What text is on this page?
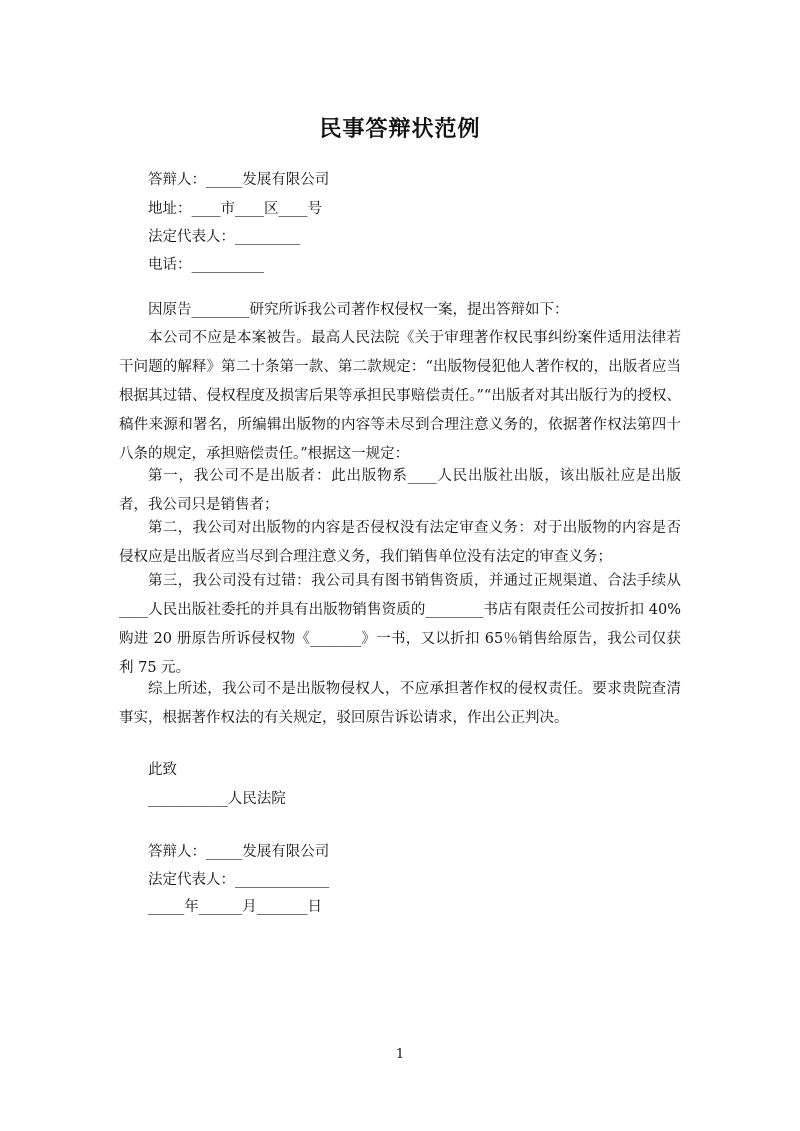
民事答辩状范例
答辩人：_____发展有限公司
地址：____市____区____号
法定代表人：_________
电话：__________
因原告________研究所诉我公司著作权侵权一案，提出答辩如下：
本公司不应是本案被告。最高人民法院《关于审理著作权民事纠纷案件适用法律若干问题的解释》第二十条第一款、第二款规定：“出版物侵犯他人著作权的，出版者应当根据其过错、侵权程度及损害后果等承担民事赔偿责任。”“出版者对其出版行为的授权、稿件来源和署名，所编辑出版物的内容等未尽到合理注意义务的，依据著作权法第四十八条的规定，承担赔偿责任。”根据这一规定：
第一，我公司不是出版者：此出版物系____人民出版社出版，该出版社应是出版者，我公司只是销售者；
第二，我公司对出版物的内容是否侵权没有法定审查义务：对于出版物的内容是否侵权应是出版者应当尽到合理注意义务，我们销售单位没有法定的审查义务；
第三，我公司没有过错：我公司具有图书销售资质，并通过正规渠道、合法手续从____人民出版社委托的并具有出版物销售资质的________书店有限责任公司按折扣 40%购进 20 册原告所诉侵权物《_______》一书，又以折扣 65％销售给原告，我公司仅获利 75 元。
综上所述，我公司不是出版物侵权人，不应承担著作权的侵权责任。要求贵院查清事实，根据著作权法的有关规定，驳回原告诉讼请求，作出公正判决。
此致
___________人民法院
答辩人：_____发展有限公司
法定代表人：_____________
_____年______月_______日
1
